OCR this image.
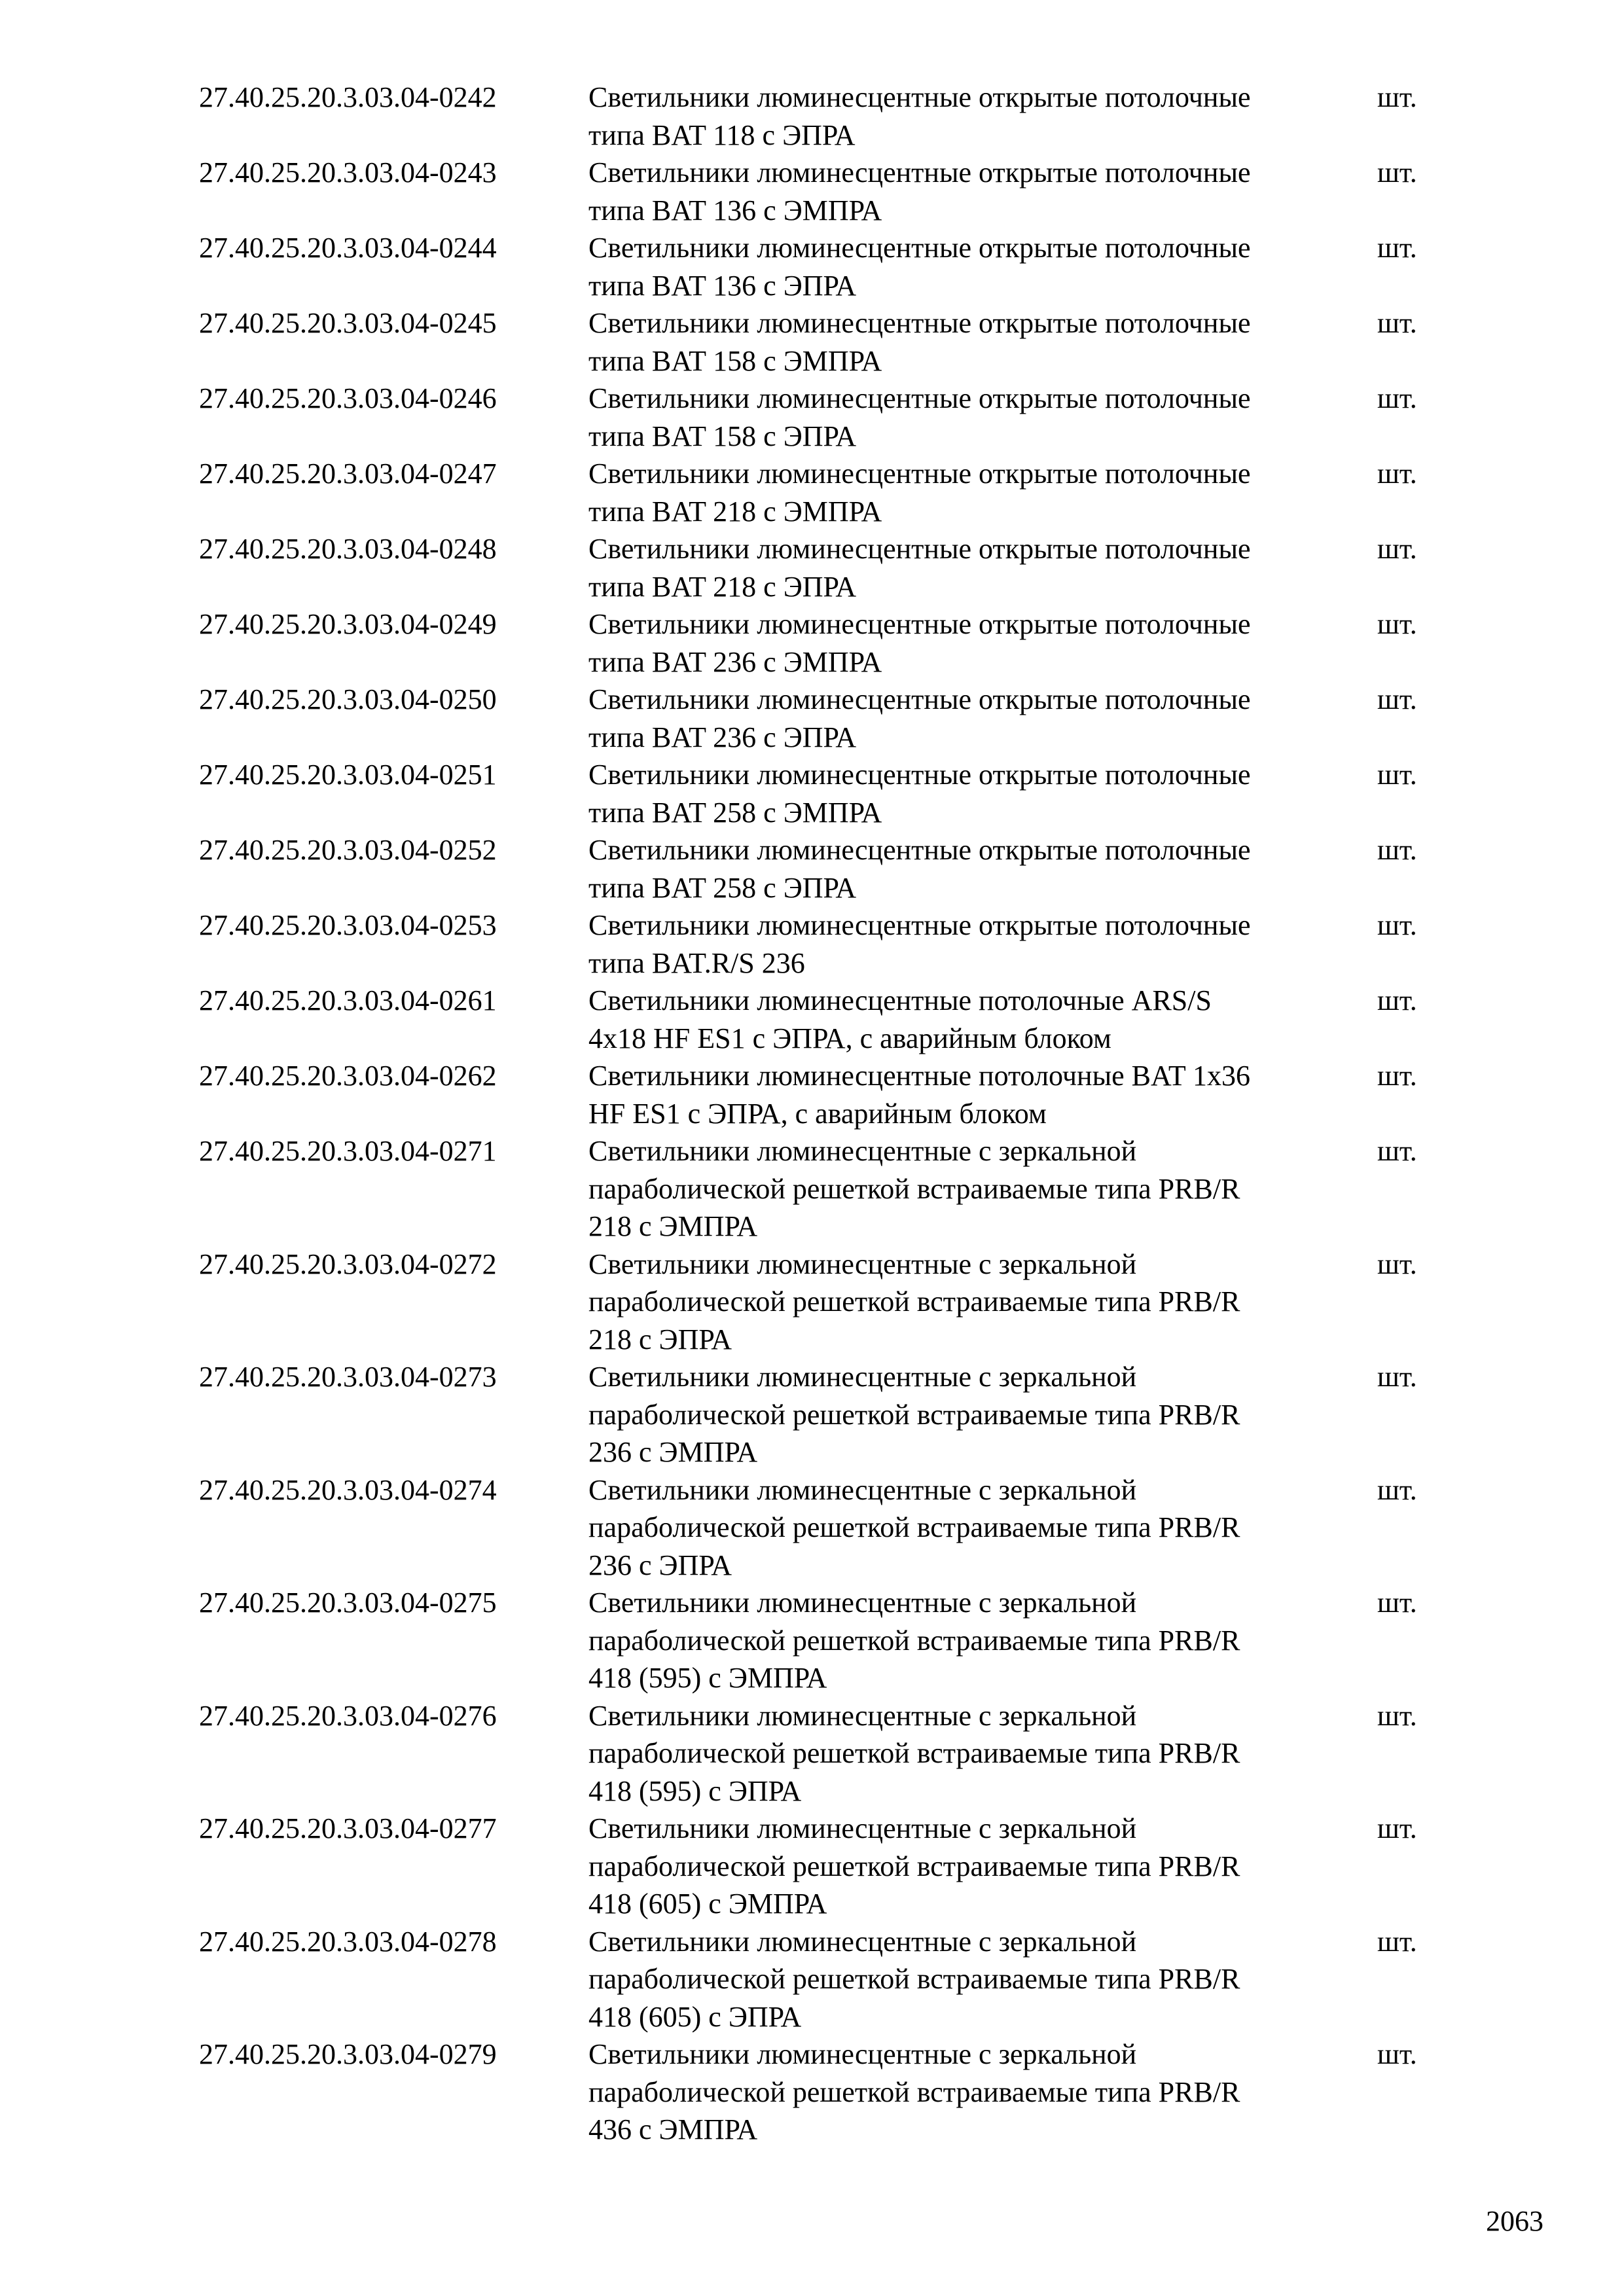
27.40.25.20.3.03.04-0242	Светильники люминесцентные открытые потолочные
типа BAT 118 с ЭПРА
шт.
27.40.25.20.3.03.04-0243	Светильники люминесцентные открытые потолочные
типа BAT 136 с ЭМПРА
шт.
27.40.25.20.3.03.04-0244	Светильники люминесцентные открытые потолочные
типа BAT 136 с ЭПРА
шт.
27.40.25.20.3.03.04-0245	Светильники люминесцентные открытые потолочные
типа BAT 158 с ЭМПРА
шт.
27.40.25.20.3.03.04-0246	Светильники люминесцентные открытые потолочные
типа BAT 158 с ЭПРА
шт.
27.40.25.20.3.03.04-0247	Светильники люминесцентные открытые потолочные
типа BAT 218 с ЭМПРА
шт.
27.40.25.20.3.03.04-0248	Светильники люминесцентные открытые потолочные
типа BAT 218 с ЭПРА
шт.
27.40.25.20.3.03.04-0249	Светильники люминесцентные открытые потолочные
типа BAT 236 с ЭМПРА
шт.
27.40.25.20.3.03.04-0250	Светильники люминесцентные открытые потолочные
типа BAT 236 с ЭПРА
шт.
27.40.25.20.3.03.04-0251	Светильники люминесцентные открытые потолочные
типа BAT 258 с ЭМПРА
шт.
27.40.25.20.3.03.04-0252	Светильники люминесцентные открытые потолочные
типа BAT 258 с ЭПРА
шт.
27.40.25.20.3.03.04-0253	Светильники люминесцентные открытые потолочные
типа BAT.R/S 236
шт.
27.40.25.20.3.03.04-0261	Светильники люминесцентные потолочные ARS/S
4x18 HF ES1 с ЭПРА, с аварийным блоком
шт.
27.40.25.20.3.03.04-0262	Светильники люминесцентные потолочные BAT 1x36
HF ES1 с ЭПРА, с аварийным блоком
шт.
27.40.25.20.3.03.04-0271	Светильники люминесцентные с зеркальной
параболической решеткой встраиваемые типа PRB/R
218 с ЭМПРА
шт.
27.40.25.20.3.03.04-0272	Светильники люминесцентные с зеркальной
параболической решеткой встраиваемые типа PRB/R
218 с ЭПРА
шт.
27.40.25.20.3.03.04-0273	Светильники люминесцентные с зеркальной
параболической решеткой встраиваемые типа PRB/R
236 с ЭМПРА
шт.
27.40.25.20.3.03.04-0274	Светильники люминесцентные с зеркальной
параболической решеткой встраиваемые типа PRB/R
236 с ЭПРА
шт.
27.40.25.20.3.03.04-0275	Светильники люминесцентные с зеркальной
параболической решеткой встраиваемые типа PRB/R
418 (595) с ЭМПРА
шт.
27.40.25.20.3.03.04-0276	Светильники люминесцентные с зеркальной
параболической решеткой встраиваемые типа PRB/R
418 (595) с ЭПРА
шт.
27.40.25.20.3.03.04-0277	Светильники люминесцентные с зеркальной
параболической решеткой встраиваемые типа PRB/R
418 (605) с ЭМПРА
шт.
27.40.25.20.3.03.04-0278	Светильники люминесцентные с зеркальной
параболической решеткой встраиваемые типа PRB/R
418 (605) с ЭПРА
шт.
27.40.25.20.3.03.04-0279	Светильники люминесцентные с зеркальной
параболической решеткой встраиваемые типа PRB/R
436 с ЭМПРА
шт.
2063
